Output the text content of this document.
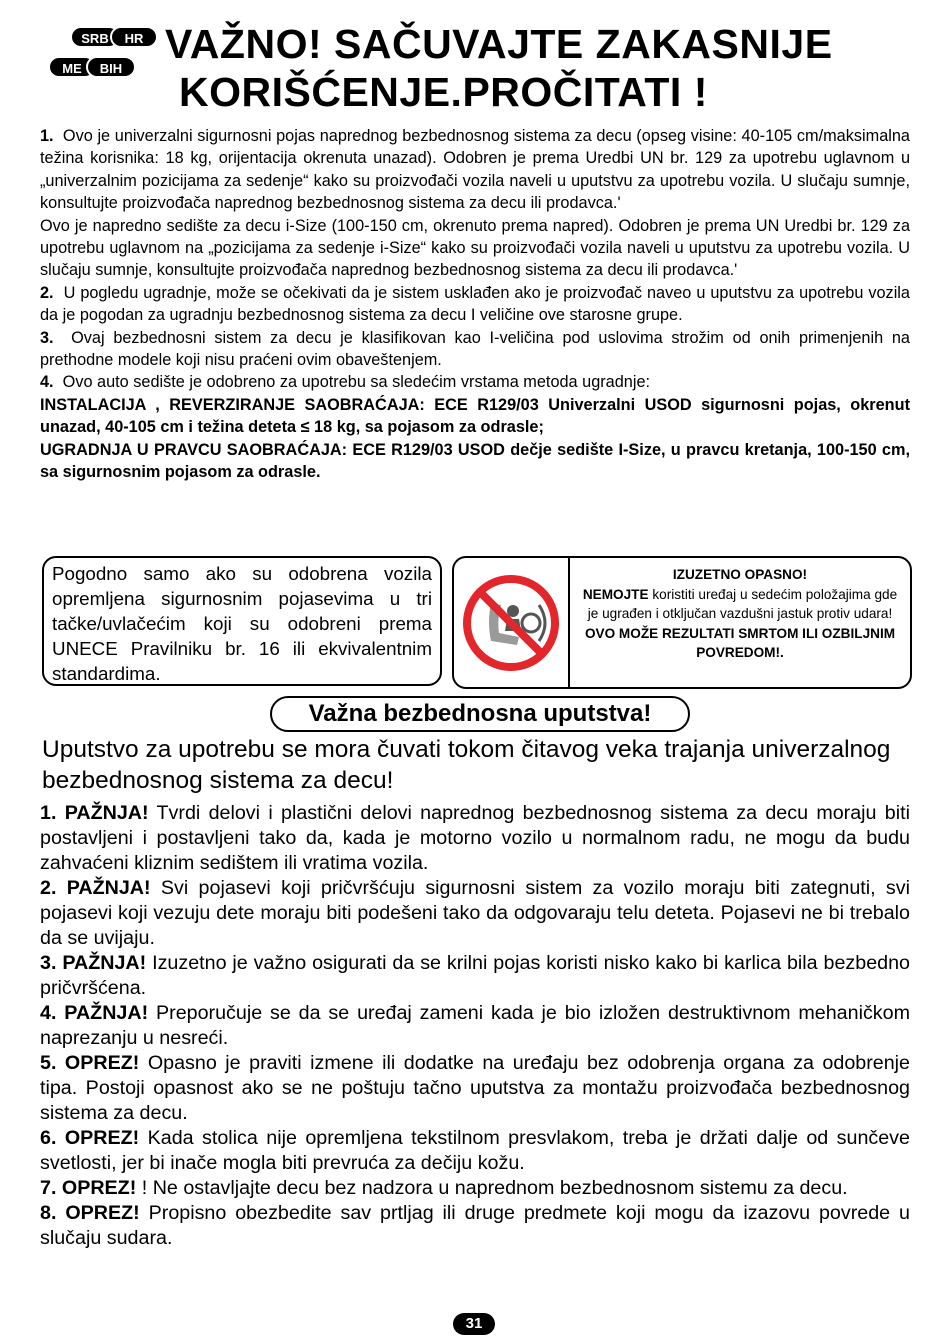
SRB	HR
ME	BIH
VAŽNO! SAČUVAJTE ZAKASNIJE
KORIŠĆENJE.PROČITATI !

1. Ovo je univerzalni sigurnosni pojas naprednog bezbednosnog sistema za decu (opseg visine: 40-105 cm/maksimalna težina korisnika: 18 kg, orijentacija okrenuta unazad). Odobren je prema Uredbi UN br. 129 za upotrebu uglavnom u „univerzalnim pozicijama za sedenje“ kako su proizvođači vozila naveli u uputstvu za upotrebu vozila. U slučaju sumnje, konsultujte proizvođača naprednog bezbednosnog sistema za decu ili prodavca.'

Ovo je napredno sedište za decu i-Size (100-150 cm, okrenuto prema napred). Odobren je prema UN Uredbi br. 129 za upotrebu uglavnom na „pozicijama za sedenje i-Size“ kako su proizvođači vozila naveli u uputstvu za upotrebu vozila. U slučaju sumnje, konsultujte proizvođača naprednog bezbednosnog sistema za decu ili prodavca.'

2. U pogledu ugradnje, može se očekivati da je sistem usklađen ako je proizvođač naveo u uputstvu za upotrebu vozila da je pogodan za ugradnju bezbednosnog sistema za decu I veličine ove starosne grupe.

3. Ovaj bezbednosni sistem za decu je klasifikovan kao I-veličina pod uslovima strožim od onih primenjenih na prethodne modele koji nisu praćeni ovim obaveštenjem.

4. Ovo auto sedište je odobreno za upotrebu sa sledećim vrstama metoda ugradnje:

INSTALACIJA , REVERZIRANJE SAOBRAĆAJA: ECE R129/03 Univerzalni USOD sigurnosni pojas, okrenut unazad, 40-105 cm i težina deteta ≤ 18 kg, sa pojasom za odrasle;

UGRADNJA U PRAVCU SAOBRAĆAJA: ECE R129/03 USOD dečje sedište I-Size, u pravcu kretanja, 100-150 cm, sa sigurnosnim pojasom za odrasle.

Pogodno samo ako su odobrena vozila opremljena sigurnosnim pojasevima u tri tačke/uvlačećim koji su odobreni prema UNECE Pravilniku br. 16 ili ekvivalentnim standardima.
IZUZETNO OPASNO!
NEMOJTE koristiti uređaj u sedećim položajima gde je ugrađen i otključan vazdušni jastuk protiv udara!
OVO MOŽE REZULTATI SMRTOM ILI OZBILJNIM POVREDOM!.
Važna bezbednosna uputstva!
Uputstvo za upotrebu se mora čuvati tokom čitavog veka trajanja univerzalnog bezbednosnog sistema za decu!

1. PAŽNJA! Tvrdi delovi i plastični delovi naprednog bezbednosnog sistema za decu moraju biti postavljeni i postavljeni tako da, kada je motorno vozilo u normalnom radu, ne mogu da budu zahvaćeni kliznim sedištem ili vratima vozila.

2. PAŽNJA! Svi pojasevi koji pričvršćuju sigurnosni sistem za vozilo moraju biti zategnuti, svi pojasevi koji vezuju dete moraju biti podešeni tako da odgovaraju telu deteta. Pojasevi ne bi trebalo da se uvijaju.

3. PAŽNJA! Izuzetno je važno osigurati da se krilni pojas koristi nisko kako bi karlica bila bezbedno pričvršćena.

4. PAŽNJA! Preporučuje se da se uređaj zameni kada je bio izložen destruktivnom mehaničkom naprezanju u nesreći.

5. OPREZ! Opasno je praviti izmene ili dodatke na uređaju bez odobrenja organa za odobrenje tipa. Postoji opasnost ako se ne poštuju tačno uputstva za montažu proizvođača bezbednosnog sistema za decu.

6. OPREZ! Kada stolica nije opremljena tekstilnom presvlakom, treba je držati dalje od sunčeve svetlosti, jer bi inače mogla biti prevruća za dečiju kožu.

7. OPREZ! ! Ne ostavljajte decu bez nadzora u naprednom bezbednosnom sistemu za decu.

8. OPREZ! Propisno obezbedite sav prtljag ili druge predmete koji mogu da izazovu povrede u slučaju sudara.

31
